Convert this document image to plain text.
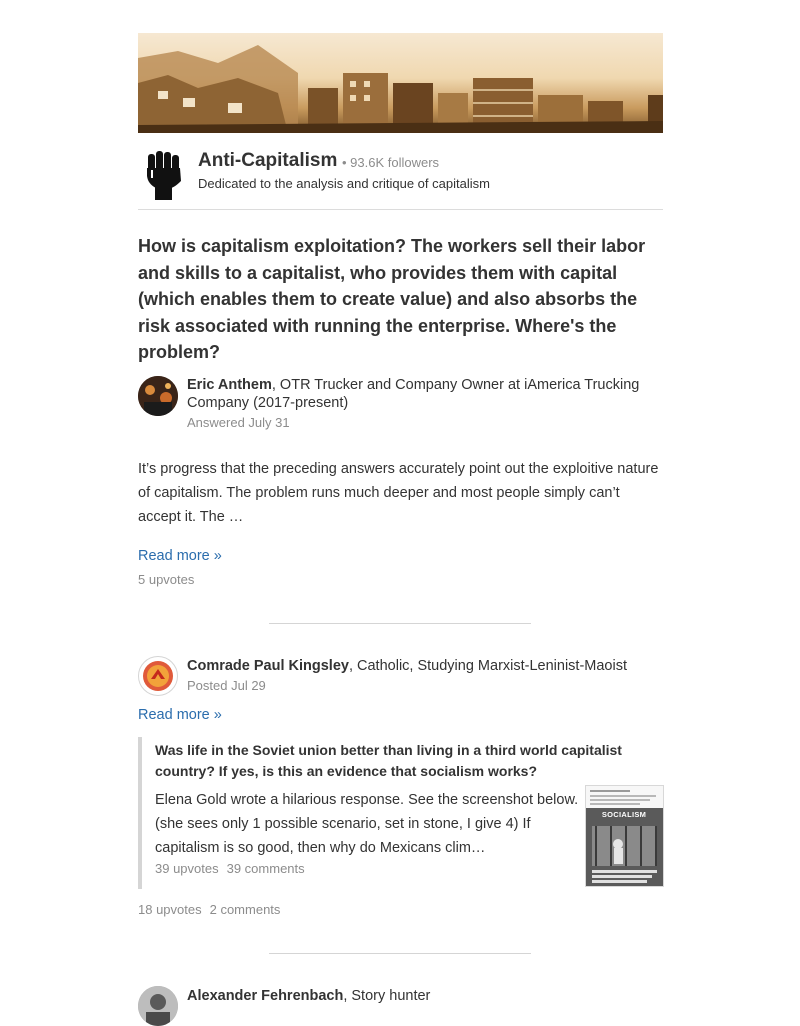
Anti-Capitalism • 93.6K followers
Dedicated to the analysis and critique of capitalism
How is capitalism exploitation? The workers sell their labor and skills to a capitalist, who provides them with capital (which enables them to create value) and also absorbs the risk associated with running the enterprise. Where's the problem?
Eric Anthem, OTR Trucker and Company Owner at iAmerica Trucking Company (2017-present)
Answered July 31

It’s progress that the preceding answers accurately point out the exploitive nature of capitalism. The problem runs much deeper and most people simply can’t accept it. The …

Read more »
5 upvotes
Comrade Paul Kingsley, Catholic, Studying Marxist-Leninist-Maoist
Posted Jul 29
Read more »

Was life in the Soviet union better than living in a third world capitalist country? If yes, is this an evidence that socialism works?

Elena Gold wrote a hilarious response. See the screenshot below. (she sees only 1 possible scenario, set in stone, I give 4) If capitalism is so good, then why do Mexicans clim…

39 upvotes 39 comments
SOCIALISM
18 upvotes 2 comments
Alexander Fehrenbach, Story hunter
